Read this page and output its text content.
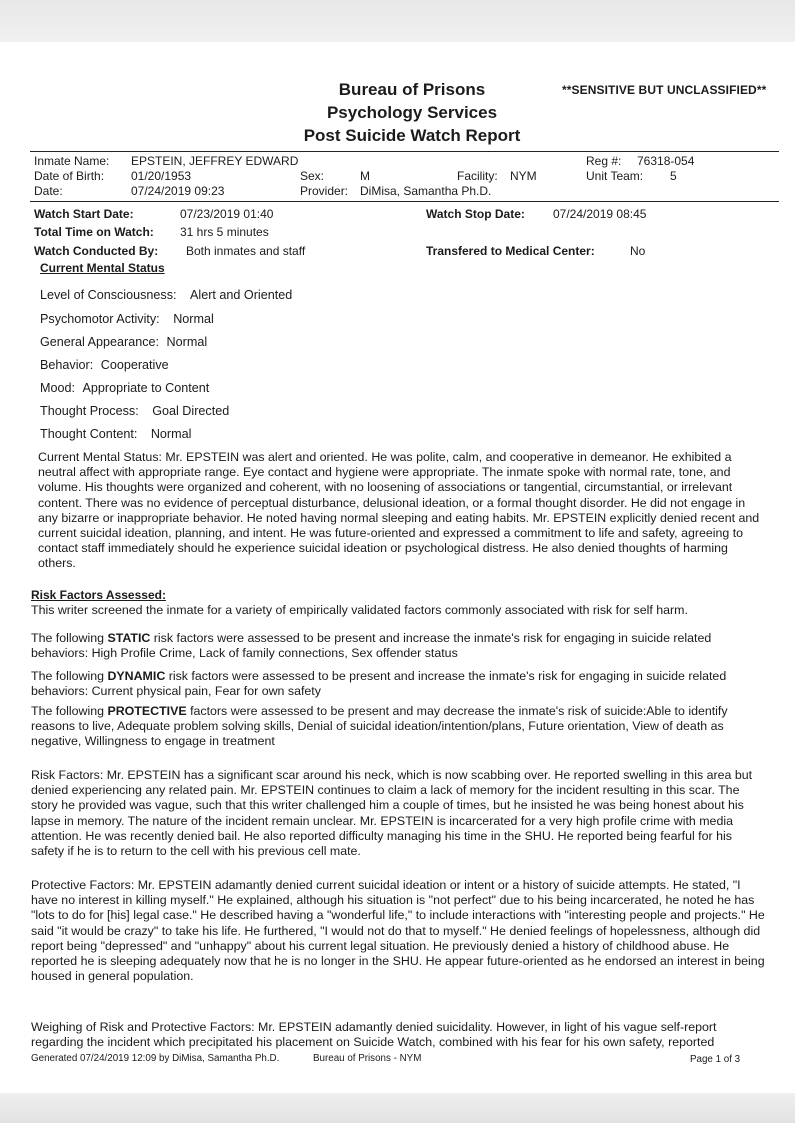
**SENSITIVE BUT UNCLASSIFIED**
Bureau of Prisons
Psychology Services
Post Suicide Watch Report
Inmate Name: EPSTEIN, JEFFREY EDWARD	Reg #: 76318-054
Date of Birth: 01/20/1953	Sex:	M	Facility: NYM	Unit Team: 5
Date:	07/24/2019 09:23	Provider: DiMisa, Samantha Ph.D.
Watch Start Date:	07/23/2019 01:40	Watch Stop Date: 07/24/2019 08:45
Total Time on Watch: 31 hrs 5 minutes
Watch Conducted By: Both inmates and staff	Transfered to Medical Center:	No
Current Mental Status
Level of Consciousness: Alert and Oriented
Psychomotor Activity: Normal
General Appearance: Normal
Behavior: Cooperative
Mood: Appropriate to Content
Thought Process: Goal Directed
Thought Content: Normal
Current Mental Status: Mr. EPSTEIN was alert and oriented. He was polite, calm, and cooperative in demeanor. He exhibited a neutral affect with appropriate range. Eye contact and hygiene were appropriate. The inmate spoke with normal rate, tone, and volume. His thoughts were organized and coherent, with no loosening of associations or tangential, circumstantial, or irrelevant content. There was no evidence of perceptual disturbance, delusional ideation, or a formal thought disorder. He did not engage in any bizarre or inappropriate behavior. He noted having normal sleeping and eating habits. Mr. EPSTEIN explicitly denied recent and current suicidal ideation, planning, and intent. He was future-oriented and expressed a commitment to life and safety, agreeing to contact staff immediately should he experience suicidal ideation or psychological distress. He also denied thoughts of harming others.
Risk Factors Assessed:
This writer screened the inmate for a variety of empirically validated factors commonly associated with risk for self harm.
The following STATIC risk factors were assessed to be present and increase the inmate's risk for engaging in suicide related behaviors: High Profile Crime, Lack of family connections, Sex offender status
The following DYNAMIC risk factors were assessed to be present and increase the inmate's risk for engaging in suicide related behaviors: Current physical pain, Fear for own safety
The following PROTECTIVE factors were assessed to be present and may decrease the inmate's risk of suicide:Able to identify reasons to live, Adequate problem solving skills, Denial of suicidal ideation/intention/plans, Future orientation, View of death as negative, Willingness to engage in treatment
Risk Factors: Mr. EPSTEIN has a significant scar around his neck, which is now scabbing over. He reported swelling in this area but denied experiencing any related pain. Mr. EPSTEIN continues to claim a lack of memory for the incident resulting in this scar. The story he provided was vague, such that this writer challenged him a couple of times, but he insisted he was being honest about his lapse in memory. The nature of the incident remain unclear. Mr. EPSTEIN is incarcerated for a very high profile crime with media attention. He was recently denied bail. He also reported difficulty managing his time in the SHU. He reported being fearful for his safety if he is to return to the cell with his previous cell mate.
Protective Factors: Mr. EPSTEIN adamantly denied current suicidal ideation or intent or a history of suicide attempts. He stated, "I have no interest in killing myself." He explained, although his situation is "not perfect" due to his being incarcerated, he noted he has "lots to do for [his] legal case." He described having a "wonderful life," to include interactions with "interesting people and projects." He said "it would be crazy" to take his life. He furthered, "I would not do that to myself." He denied feelings of hopelessness, although did report being "depressed" and "unhappy" about his current legal situation. He previously denied a history of childhood abuse. He reported he is sleeping adequately now that he is no longer in the SHU. He appear future-oriented as he endorsed an interest in being housed in general population.
Weighing of Risk and Protective Factors: Mr. EPSTEIN adamantly denied suicidality. However, in light of his vague self-report regarding the incident which precipitated his placement on Suicide Watch, combined with his fear for his own safety, reported
Generated 07/24/2019 12:09 by DiMisa, Samantha Ph.D.	Bureau of Prisons - NYM	Page 1 of 3
